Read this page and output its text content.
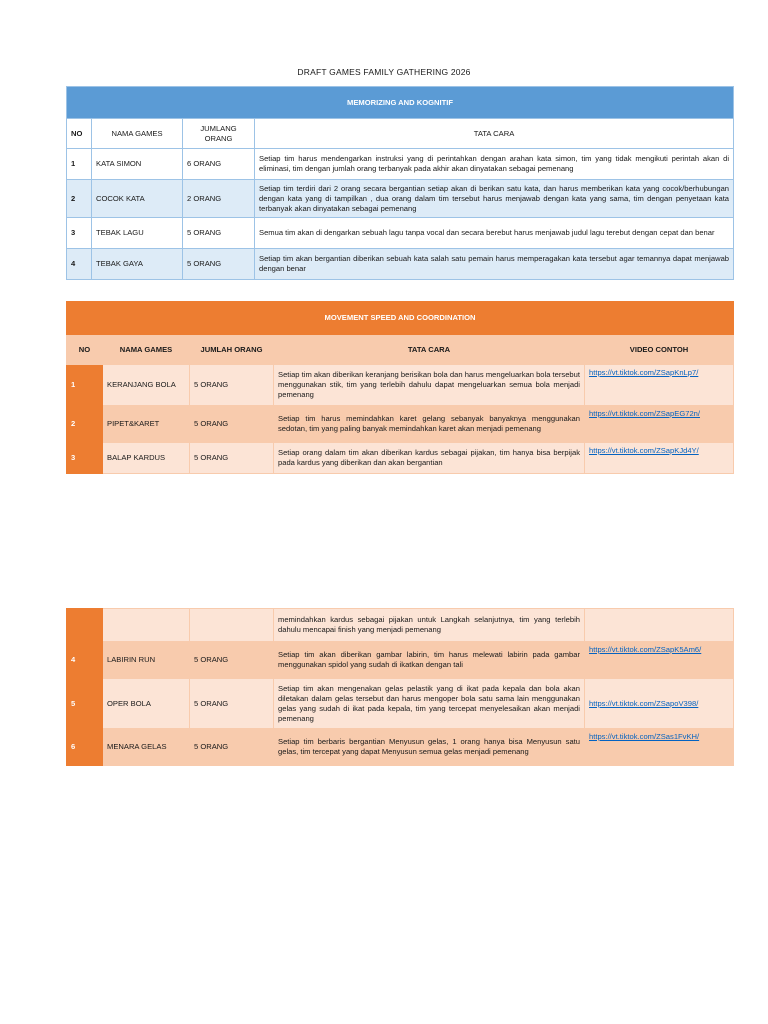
DRAFT GAMES FAMILY GATHERING 2026
MEMORIZING AND KOGNITIF			
NO	NAMA GAMES	JUMLANG ORANG	TATA CARA
1	KATA SIMON	6 ORANG	Setiap tim harus mendengarkan instruksi yang di perintahkan dengan arahan kata simon, tim yang tidak mengikuti perintah akan di eliminasi, tim dengan jumlah orang terbanyak pada akhir akan dinyatakan sebagai pemenang
2	COCOK KATA	2 ORANG	Setiap tim terdiri dari 2 orang secara bergantian setiap akan di berikan satu kata, dan harus memberikan kata yang cocok/berhubungan dengan kata yang di tampilkan , dua orang dalam tim tersebut harus menjawab dengan kata yang sama, tim dengan penyetaan kata terbanyak akan dinyatakan sebagai pemenang
3	TEBAK LAGU	5 ORANG	Semua tim akan di dengarkan sebuah lagu tanpa vocal dan secara berebut harus menjawab judul lagu terebut dengan cepat dan benar
4	TEBAK GAYA	5 ORANG	Setiap tim akan bergantian diberikan sebuah kata salah satu pemain harus memperagakan kata tersebut agar temannya dapat menjawab dengan benar
MOVEMENT SPEED AND COORDINATION				
NO	NAMA GAMES	JUMLAH ORANG	TATA CARA	VIDEO CONTOH
1	KERANJANG BOLA	5 ORANG	Setiap tim akan diberikan keranjang berisikan bola dan harus mengeluarkan bola tersebut menggunakan stik, tim yang terlebih dahulu dapat mengeluarkan semua bola menjadi pemenang	https://vt.tiktok.com/ZSapKnLp7/
2	PIPET&KARET	5 ORANG	Setiap tim harus memindahkan karet gelang sebanyak banyaknya menggunakan sedotan, tim yang paling banyak memindahkan karet akan menjadi pemenang	https://vt.tiktok.com/ZSapEG72n/
3	BALAP KARDUS	5 ORANG	Setiap orang dalam tim akan diberikan kardus sebagai pijakan, tim hanya bisa berpijak pada kardus yang diberikan dan akan bergantian	https://vt.tiktok.com/ZSapKJd4Y/
			memindahkan kardus sebagai pijakan untuk Langkah selanjutnya, tim yang terlebih dahulu mencapai finish yang menjadi pemenang	
4	LABIRIN RUN	5 ORANG	Setiap tim akan diberikan gambar labirin, tim harus melewati labirin pada gambar menggunakan spidol yang sudah di ikatkan dengan tali	https://vt.tiktok.com/ZSapK5Am6/
5	OPER BOLA	5 ORANG	Setiap tim akan mengenakan gelas pelastik yang di ikat pada kepala dan bola akan diletakan dalam gelas tersebut dan harus mengoper bola satu sama lain menggunakan gelas yang sudah di ikat pada kepala, tim yang tercepat menyelesaikan akan menjadi pemenang	https://vt.tiktok.com/ZSapoV398/
6	MENARA GELAS	5 ORANG	Setiap tim berbaris bergantian Menyusun gelas, 1 orang hanya bisa Menyusun satu gelas, tim tercepat yang dapat Menyusun semua gelas menjadi pemenang	https://vt.tiktok.com/ZSas1FvKH/
